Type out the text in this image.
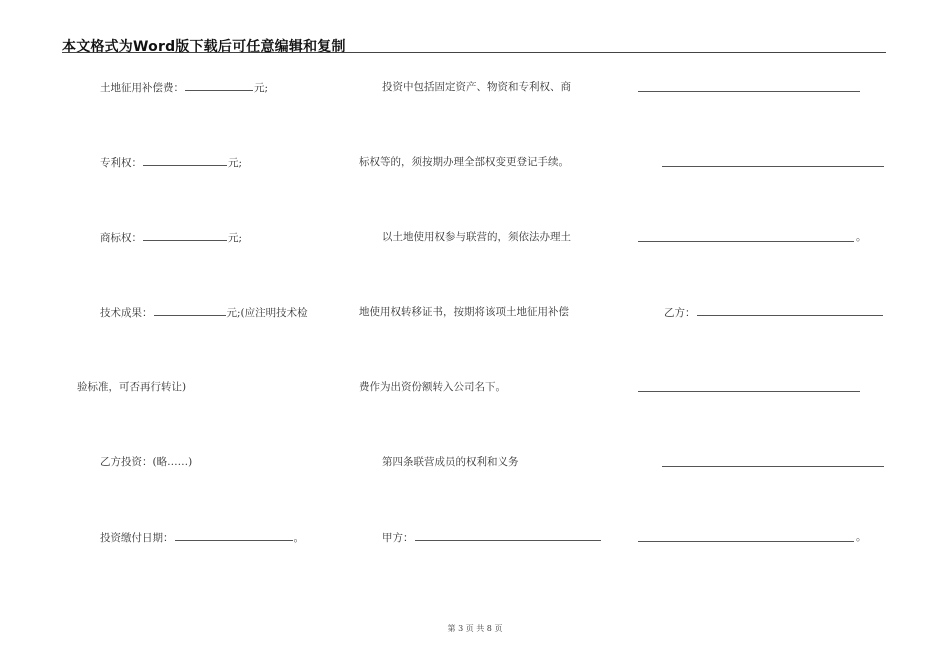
本文格式为Word版下载后可任意编辑和复制
土地征用补偿费：	元;
专利权：	元;
商标权：	元;
技术成果：	元;(应注明技术检
验标准，可否再行转让)
乙方投资：(略……)
投资缴付日期：	。
投资中包括固定资产、物资和专利权、商
标权等的，须按期办理全部权变更登记手续。
以土地使用权参与联营的，须依法办理土
地使用权转移证书，按期将该项土地征用补偿
费作为出资份额转入公司名下。
第四条联营成员的权利和义务
甲方：
。
乙方：
。
第 3 页 共 8 页
